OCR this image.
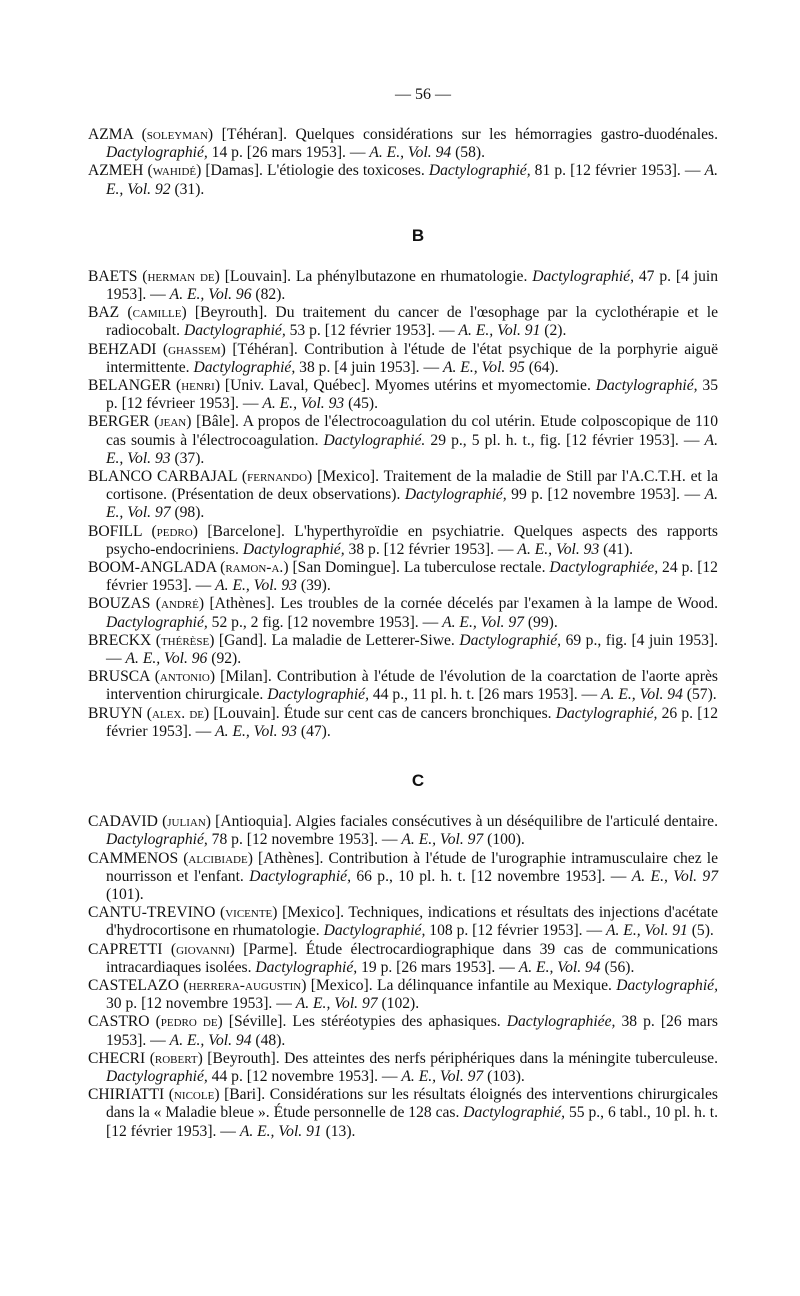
— 56 —

AZMA (soleyman) [Téhéran]. Quelques considérations sur les hémorragies gastro-duodénales. Dactylographié, 14 p. [26 mars 1953]. — A. E., Vol. 94 (58).

AZMEH (wahidé) [Damas]. L'étiologie des toxicoses. Dactylographié, 81 p. [12 février 1953]. — A. E., Vol. 92 (31).

B

BAETS (herman de) [Louvain]. La phénylbutazone en rhumatologie. Dactylographié, 47 p. [4 juin 1953]. — A. E., Vol. 96 (82).

BAZ (camille) [Beyrouth]. Du traitement du cancer de l'œsophage par la cyclothérapie et le radiocobalt. Dactylographié, 53 p. [12 février 1953]. — A. E., Vol. 91 (2).

BEHZADI (ghassem) [Téhéran]. Contribution à l'étude de l'état psychique de la porphyrie aiguë intermittente. Dactylographié, 38 p. [4 juin 1953]. — A. E., Vol. 95 (64).

BELANGER (henri) [Univ. Laval, Québec]. Myomes utérins et myomectomie. Dactylographié, 35 p. [12 févrieer 1953]. — A. E., Vol. 93 (45).

BERGER (jean) [Bâle]. A propos de l'électrocoagulation du col utérin. Etude colposcopique de 110 cas soumis à l'électrocoagulation. Dactylographié. 29 p., 5 pl. h. t., fig. [12 février 1953]. — A. E., Vol. 93 (37).

BLANCO CARBAJAL (fernando) [Mexico]. Traitement de la maladie de Still par l'A.C.T.H. et la cortisone. (Présentation de deux observations). Dactylographié, 99 p. [12 novembre 1953]. — A. E., Vol. 97 (98).

BOFILL (pedro) [Barcelone]. L'hyperthyroïdie en psychiatrie. Quelques aspects des rapports psycho-endocriniens. Dactylographié, 38 p. [12 février 1953]. — A. E., Vol. 93 (41).

BOOM-ANGLADA (ramon-a.) [San Domingue]. La tuberculose rectale. Dactylographiée, 24 p. [12 février 1953]. — A. E., Vol. 93 (39).

BOUZAS (andré) [Athènes]. Les troubles de la cornée décelés par l'examen à la lampe de Wood. Dactylographié, 52 p., 2 fig. [12 novembre 1953]. — A. E., Vol. 97 (99).

BRECKX (thérèse) [Gand]. La maladie de Letterer-Siwe. Dactylographié, 69 p., fig. [4 juin 1953]. — A. E., Vol. 96 (92).

BRUSCA (antonio) [Milan]. Contribution à l'étude de l'évolution de la coarctation de l'aorte après intervention chirurgicale. Dactylographié, 44 p., 11 pl. h. t. [26 mars 1953]. — A. E., Vol. 94 (57).

BRUYN (alex. de) [Louvain]. Étude sur cent cas de cancers bronchiques. Dactylographié, 26 p. [12 février 1953]. — A. E., Vol. 93 (47).

C

CADAVID (julian) [Antioquia]. Algies faciales consécutives à un déséquilibre de l'articulé dentaire. Dactylographié, 78 p. [12 novembre 1953]. — A. E., Vol. 97 (100).

CAMMENOS (alcibiade) [Athènes]. Contribution à l'étude de l'urographie intramusculaire chez le nourrisson et l'enfant. Dactylographié, 66 p., 10 pl. h. t. [12 novembre 1953]. — A. E., Vol. 97 (101).

CANTU-TREVINO (vicente) [Mexico]. Techniques, indications et résultats des injections d'acétate d'hydrocortisone en rhumatologie. Dactylographié, 108 p. [12 février 1953]. — A. E., Vol. 91 (5).

CAPRETTI (giovanni) [Parme]. Étude électrocardiographique dans 39 cas de communications intracardiaques isolées. Dactylographié, 19 p. [26 mars 1953]. — A. E., Vol. 94 (56).

CASTELAZO (herrera-augustin) [Mexico]. La délinquance infantile au Mexique. Dactylographié, 30 p. [12 novembre 1953]. — A. E., Vol. 97 (102).

CASTRO (pedro de) [Séville]. Les stéréotypies des aphasiques. Dactylographiée, 38 p. [26 mars 1953]. — A. E., Vol. 94 (48).

CHECRI (robert) [Beyrouth]. Des atteintes des nerfs périphériques dans la méningite tuberculeuse. Dactylographié, 44 p. [12 novembre 1953]. — A. E., Vol. 97 (103).

CHIRIATTI (nicole) [Bari]. Considérations sur les résultats éloignés des interventions chirurgicales dans la « Maladie bleue ». Étude personnelle de 128 cas. Dactylographié, 55 p., 6 tabl., 10 pl. h. t. [12 février 1953]. — A. E., Vol. 91 (13).
